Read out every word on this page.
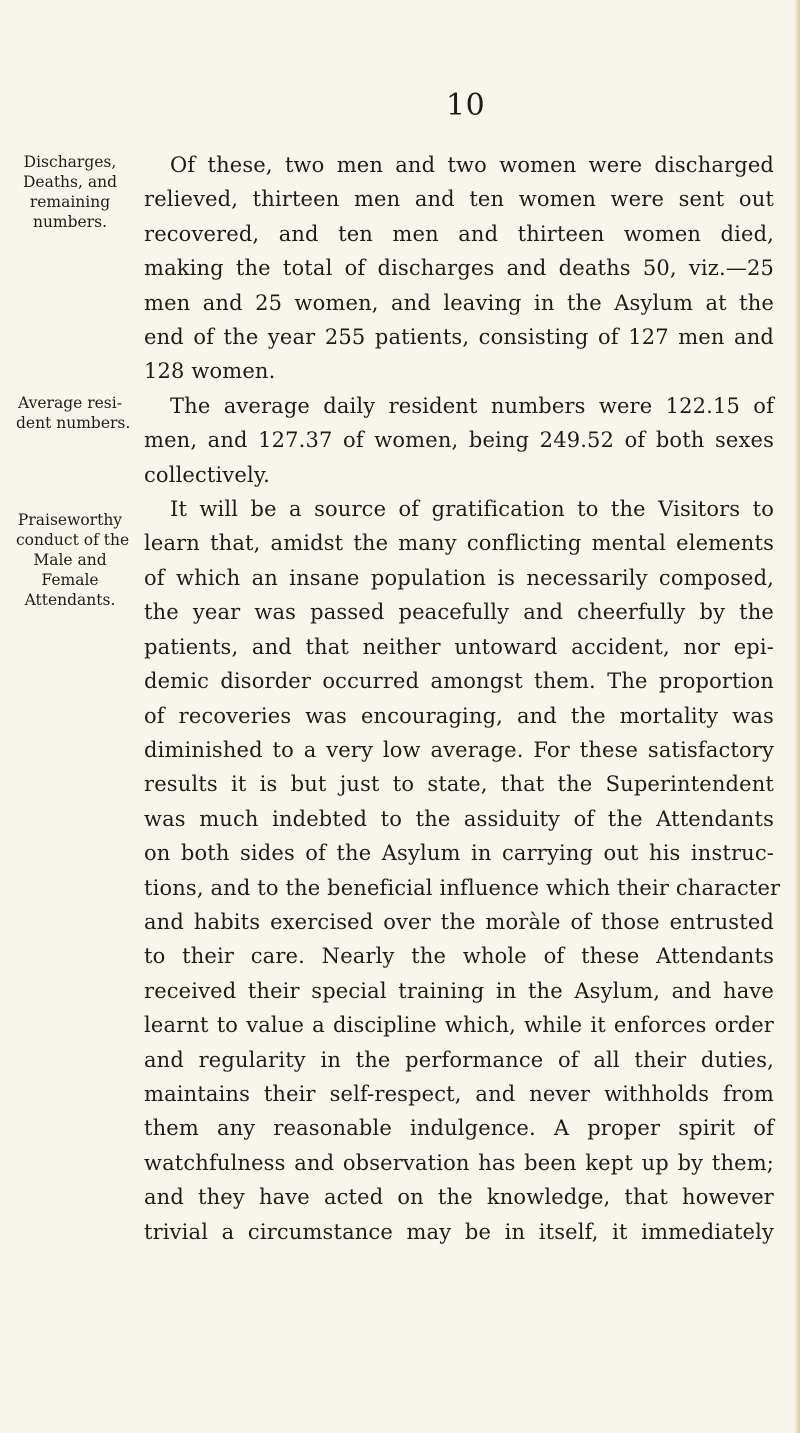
10
Discharges,
Deaths, and
remaining
numbers.
Average resi-
dent numbers.
Praiseworthy
conduct of the
Male and
Female
Attendants.
Of these, two men and two women were discharged
relieved, thirteen men and ten women were sent out
recovered, and ten men and thirteen women died,
making the total of discharges and deaths 50, viz.—25
men and 25 women, and leaving in the Asylum at the
end of the year 255 patients, consisting of 127 men and
128 women.
The average daily resident numbers were 122.15 of
men, and 127.37 of women, being 249.52 of both sexes
collectively.
It will be a source of gratification to the Visitors to
learn that, amidst the many conflicting mental elements
of which an insane population is necessarily composed,
the year was passed peacefully and cheerfully by the
patients, and that neither untoward accident, nor epi-
demic disorder occurred amongst them. The proportion
of recoveries was encouraging, and the mortality was
diminished to a very low average. For these satisfactory
results it is but just to state, that the Superintendent
was much indebted to the assiduity of the Attendants
on both sides of the Asylum in carrying out his instruc-
tions, and to the beneficial influence which their character
and habits exercised over the moràle of those entrusted
to their care. Nearly the whole of these Attendants
received their special training in the Asylum, and have
learnt to value a discipline which, while it enforces order
and regularity in the performance of all their duties,
maintains their self-respect, and never withholds from
them any reasonable indulgence. A proper spirit of
watchfulness and observation has been kept up by them;
and they have acted on the knowledge, that however
trivial a circumstance may be in itself, it immediately
